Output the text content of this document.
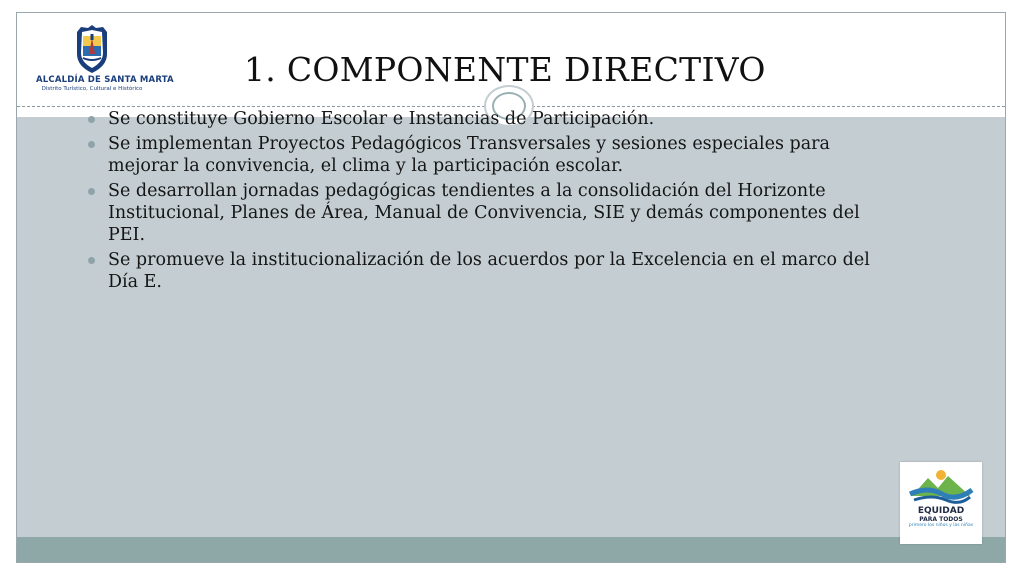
ALCALDÍA DE SANTA MARTA
Distrito Turístico, Cultural e Histórico	1. COMPONENTE DIRECTIVO
Se constituye Gobierno Escolar e Instancias de Participación.
Se implementan Proyectos Pedagógicos Transversales y sesiones especiales para mejorar la convivencia, el clima y la participación escolar.
Se desarrollan jornadas pedagógicas tendientes a la consolidación del Horizonte Institucional, Planes de Área, Manual de Convivencia, SIE y demás componentes del PEI.
Se promueve la institucionalización de los acuerdos por la Excelencia en el marco del Día E.
EQUIDAD
PARA TODOS
primero los niños y las niñas
